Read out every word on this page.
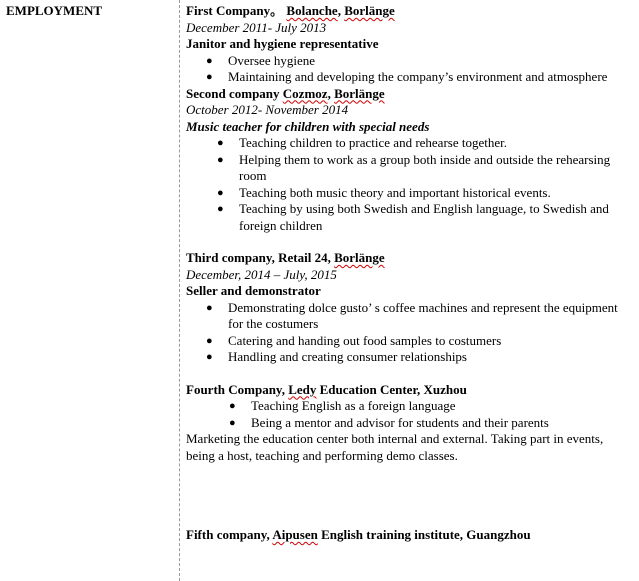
EMPLOYMENT	First Company。 Bolanche, Borlänge
December 2011- July 2013
Janitor and hygiene representative
● Oversee hygiene
● Maintaining and developing the company’s environment and atmosphere
Second company Cozmoz, Borlänge
October 2012- November 2014
Music teacher for children with special needs
● Teaching children to practice and rehearse together.
● Helping them to work as a group both inside and outside the rehearsing room
● Teaching both music theory and important historical events.
● Teaching by using both Swedish and English language, to Swedish and foreign children
Third company, Retail 24, Borlänge
December, 2014 – July, 2015
Seller and demonstrator
● Demonstrating dolce gusto’ s coffee machines and represent the equipment for the costumers
● Catering and handing out food samples to costumers
● Handling and creating consumer relationships
Fourth Company, Ledy Education Center, Xuzhou
● Teaching English as a foreign language
● Being a mentor and advisor for students and their parents
Marketing the education center both internal and external. Taking part in events, being a host, teaching and performing demo classes.
Fifth company, Aipusen English training institute, Guangzhou
